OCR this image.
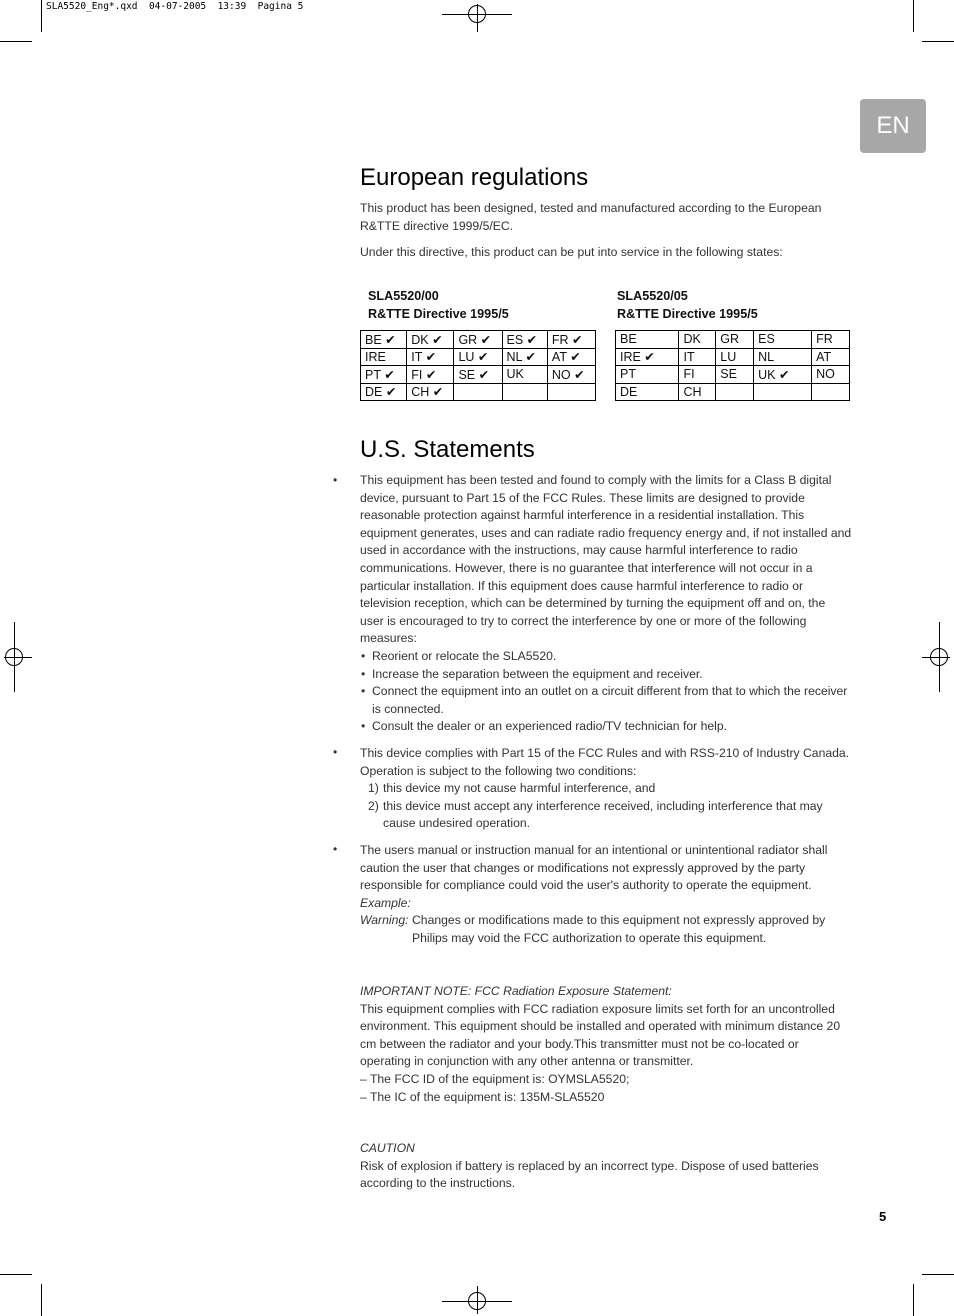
SLA5520_Eng*.qxd  04-07-2005  13:39  Pagina 5
EN
European regulations
This product has been designed, tested and manufactured according to the European R&TTE directive 1999/5/EC.
Under this directive, this product can be put into service in the following states:
SLA5520/00
R&TTE Directive 1995/5
BE ✔	DK ✔	GR ✔	ES ✔	FR ✔
IRE	IT ✔	LU ✔	NL ✔	AT ✔
PT ✔	FI ✔	SE ✔	UK	NO ✔
DE ✔	CH ✔			
SLA5520/05
R&TTE Directive 1995/5
BE	DK	GR	ES	FR
IRE ✔	IT	LU	NL	AT
PT	FI	SE	UK ✔	NO
DE	CH			
U.S. Statements
• This equipment has been tested and found to comply with the limits for a Class B digital device, pursuant to Part 15 of the FCC Rules. These limits are designed to provide reasonable protection against harmful interference in a residential installation. This equipment generates, uses and can radiate radio frequency energy and, if not installed and used in accordance with the instructions, may cause harmful interference to radio communications. However, there is no guarantee that interference will not occur in a particular installation. If this equipment does cause harmful interference to radio or television reception, which can be determined by turning the equipment off and on, the user is encouraged to try to correct the interference by one or more of the following measures:
• Reorient or relocate the SLA5520.
• Increase the separation between the equipment and receiver.
• Connect the equipment into an outlet on a circuit different from that to which the receiver is connected.
• Consult the dealer or an experienced radio/TV technician for help.
• This device complies with Part 15 of the FCC Rules and with RSS-210 of Industry Canada. Operation is subject to the following two conditions:
1) this device my not cause harmful interference, and
2) this device must accept any interference received, including interference that may cause undesired operation.
• The users manual or instruction manual for an intentional or unintentional radiator shall caution the user that changes or modifications not expressly approved by the party responsible for compliance could void the user's authority to operate the equipment.
Example:
Warning: Changes or modifications made to this equipment not expressly approved by Philips may void the FCC authorization to operate this equipment.
IMPORTANT NOTE: FCC Radiation Exposure Statement:
This equipment complies with FCC radiation exposure limits set forth for an uncontrolled environment. This equipment should be installed and operated with minimum distance 20 cm between the radiator and your body.This transmitter must not be co-located or operating in conjunction with any other antenna or transmitter.
– The FCC ID of the equipment is: OYMSLA5520;
– The IC of the equipment is: 135M-SLA5520
CAUTION
Risk of explosion if battery is replaced by an incorrect type. Dispose of used batteries according to the instructions.
5
